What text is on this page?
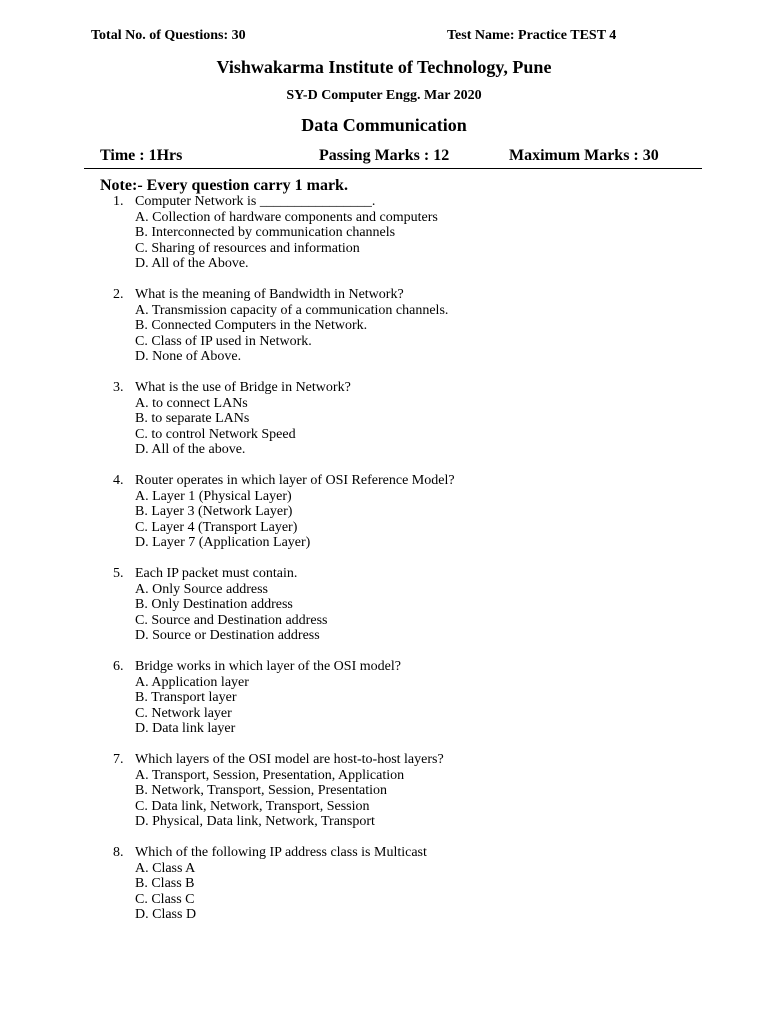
Total No. of Questions: 30	Test Name: Practice TEST 4
Vishwakarma Institute of Technology, Pune
SY-D Computer Engg. Mar 2020
Data Communication
Time : 1Hrs	Passing Marks : 12	Maximum Marks : 30
Note:- Every question carry 1 mark.
1. Computer Network is ________________.
A. Collection of hardware components and computers
B. Interconnected by communication channels
C. Sharing of resources and information
D. All of the Above.
2. What is the meaning of Bandwidth in Network?
A. Transmission capacity of a communication channels.
B. Connected Computers in the Network.
C. Class of IP used in Network.
D. None of Above.
3. What is the use of Bridge in Network?
A. to connect LANs
B. to separate LANs
C. to control Network Speed
D. All of the above.
4. Router operates in which layer of OSI Reference Model?
A. Layer 1 (Physical Layer)
B. Layer 3 (Network Layer)
C. Layer 4 (Transport Layer)
D. Layer 7 (Application Layer)
5. Each IP packet must contain.
A. Only Source address
B. Only Destination address
C. Source and Destination address
D. Source or Destination address
6. Bridge works in which layer of the OSI model?
A. Application layer
B. Transport layer
C. Network layer
D. Data link layer
7. Which layers of the OSI model are host-to-host layers?
A. Transport, Session, Presentation, Application
B. Network, Transport, Session, Presentation
C. Data link, Network, Transport, Session
D. Physical, Data link, Network, Transport
8. Which of the following IP address class is Multicast
A. Class A
B. Class B
C. Class C
D. Class D
